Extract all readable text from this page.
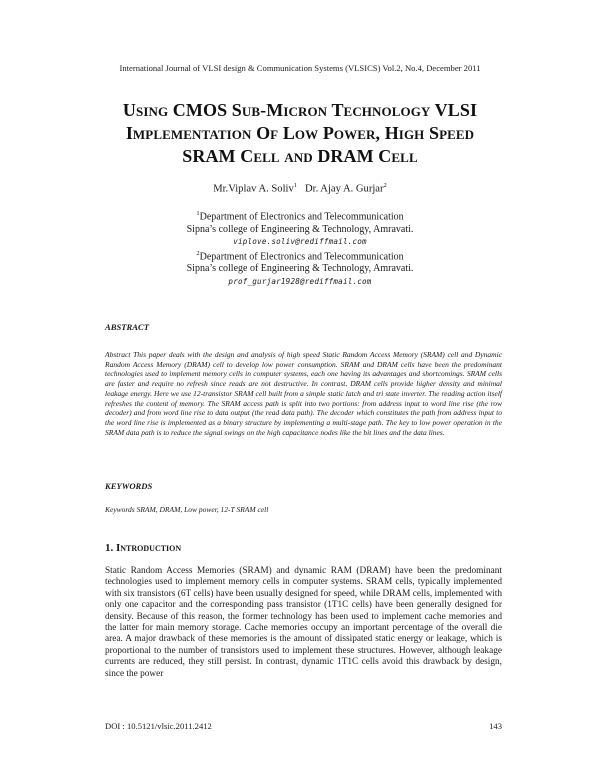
International Journal of VLSI design & Communication Systems (VLSICS) Vol.2, No.4, December 2011
Using CMOS Sub-Micron Technology VLSI
Implementation Of Low Power, High Speed
SRAM Cell and DRAM Cell
Mr.Viplav A. Soliv$^1$ Dr. Ajay A. Gurjar$^2$
$^1$Department of Electronics and Telecommunication
Sipna’s college of Engineering & Technology, Amravati.
viplove.soliv@rediffmail.com
$^2$Department of Electronics and Telecommunication
Sipna’s college of Engineering & Technology, Amravati.
prof_gurjar1928@rediffmail.com
ABSTRACT
Abstract This paper deals with the design and analysis of high speed Static Random Access Memory (SRAM) cell and Dynamic Random Access Memory (DRAM) cell to develop low power consumption. SRAM and DRAM cells have been the predominant technologies used to implement memory cells in computer systems, each one having its advantages and shortcomings. SRAM cells are faster and require no refresh since reads are not destructive. In contrast, DRAM cells provide higher density and minimal leakage energy. Here we use 12-transistor SRAM cell built from a simple static latch and tri state inverter. The reading action itself refreshes the content of memory. The SRAM access path is split into two portions: from address input to word line rise (the row decoder) and from word line rise to data output (the read data path). The decoder which constitutes the path from address input to the word line rise is implemented as a binary structure by implementing a multi-stage path. The key to low power operation in the SRAM data path is to reduce the signal swings on the high capacitance nodes like the bit lines and the data lines.
KEYWORDS
Keywords SRAM, DRAM, Low power, 12-T SRAM cell
1. Introduction
Static Random Access Memories (SRAM) and dynamic RAM (DRAM) have been the predominant technologies used to implement memory cells in computer systems. SRAM cells, typically implemented with six transistors (6T cells) have been usually designed for speed, while DRAM cells, implemented with only one capacitor and the corresponding pass transistor (1T1C cells) have been generally designed for density. Because of this reason, the former technology has been used to implement cache memories and the latter for main memory storage. Cache memories occupy an important percentage of the overall die area. A major drawback of these memories is the amount of dissipated static energy or leakage, which is proportional to the number of transistors used to implement these structures. However, although leakage currents are reduced, they still persist. In contrast, dynamic 1T1C cells avoid this drawback by design, since the power
DOI : 10.5121/vlsic.2011.2412	143
